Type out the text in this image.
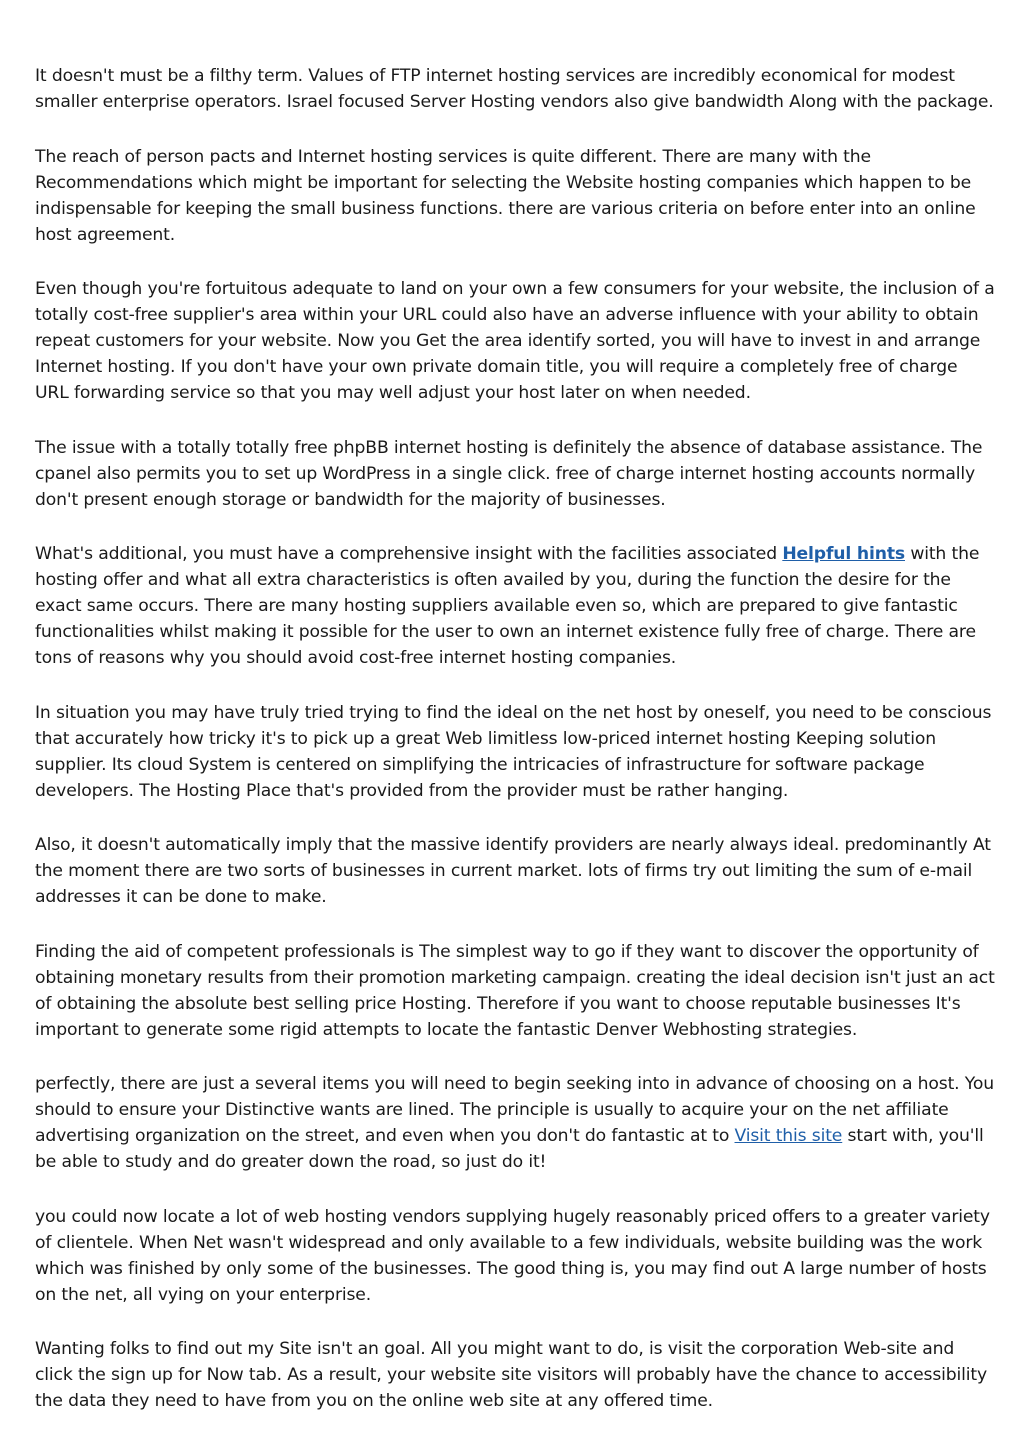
It doesn't must be a filthy term. Values of FTP internet hosting services are incredibly economical for modest smaller enterprise operators. Israel focused Server Hosting vendors also give bandwidth Along with the package.

The reach of person pacts and Internet hosting services is quite different. There are many with the Recommendations which might be important for selecting the Website hosting companies which happen to be indispensable for keeping the small business functions. there are various criteria on before enter into an online host agreement.

Even though you're fortuitous adequate to land on your own a few consumers for your website, the inclusion of a totally cost-free supplier's area within your URL could also have an adverse influence with your ability to obtain repeat customers for your website. Now you Get the area identify sorted, you will have to invest in and arrange Internet hosting. If you don't have your own private domain title, you will require a completely free of charge URL forwarding service so that you may well adjust your host later on when needed.

The issue with a totally totally free phpBB internet hosting is definitely the absence of database assistance. The cpanel also permits you to set up WordPress in a single click. free of charge internet hosting accounts normally don't present enough storage or bandwidth for the majority of businesses.

What's additional, you must have a comprehensive insight with the facilities associated Helpful hints with the hosting offer and what all extra characteristics is often availed by you, during the function the desire for the exact same occurs. There are many hosting suppliers available even so, which are prepared to give fantastic functionalities whilst making it possible for the user to own an internet existence fully free of charge. There are tons of reasons why you should avoid cost-free internet hosting companies.

In situation you may have truly tried trying to find the ideal on the net host by oneself, you need to be conscious that accurately how tricky it's to pick up a great Web limitless low-priced internet hosting Keeping solution supplier. Its cloud System is centered on simplifying the intricacies of infrastructure for software package developers. The Hosting Place that's provided from the provider must be rather hanging.

Also, it doesn't automatically imply that the massive identify providers are nearly always ideal. predominantly At the moment there are two sorts of businesses in current market. lots of firms try out limiting the sum of e-mail addresses it can be done to make.

Finding the aid of competent professionals is The simplest way to go if they want to discover the opportunity of obtaining monetary results from their promotion marketing campaign. creating the ideal decision isn't just an act of obtaining the absolute best selling price Hosting. Therefore if you want to choose reputable businesses It's important to generate some rigid attempts to locate the fantastic Denver Webhosting strategies.

perfectly, there are just a several items you will need to begin seeking into in advance of choosing on a host. You should to ensure your Distinctive wants are lined. The principle is usually to acquire your on the net affiliate advertising organization on the street, and even when you don't do fantastic at to Visit this site start with, you'll be able to study and do greater down the road, so just do it!

you could now locate a lot of web hosting vendors supplying hugely reasonably priced offers to a greater variety of clientele. When Net wasn't widespread and only available to a few individuals, website building was the work which was finished by only some of the businesses. The good thing is, you may find out A large number of hosts on the net, all vying on your enterprise.

Wanting folks to find out my Site isn't an goal. All you might want to do, is visit the corporation Web-site and click the sign up for Now tab. As a result, your website site visitors will probably have the chance to accessibility the data they need to have from you on the online web site at any offered time.
